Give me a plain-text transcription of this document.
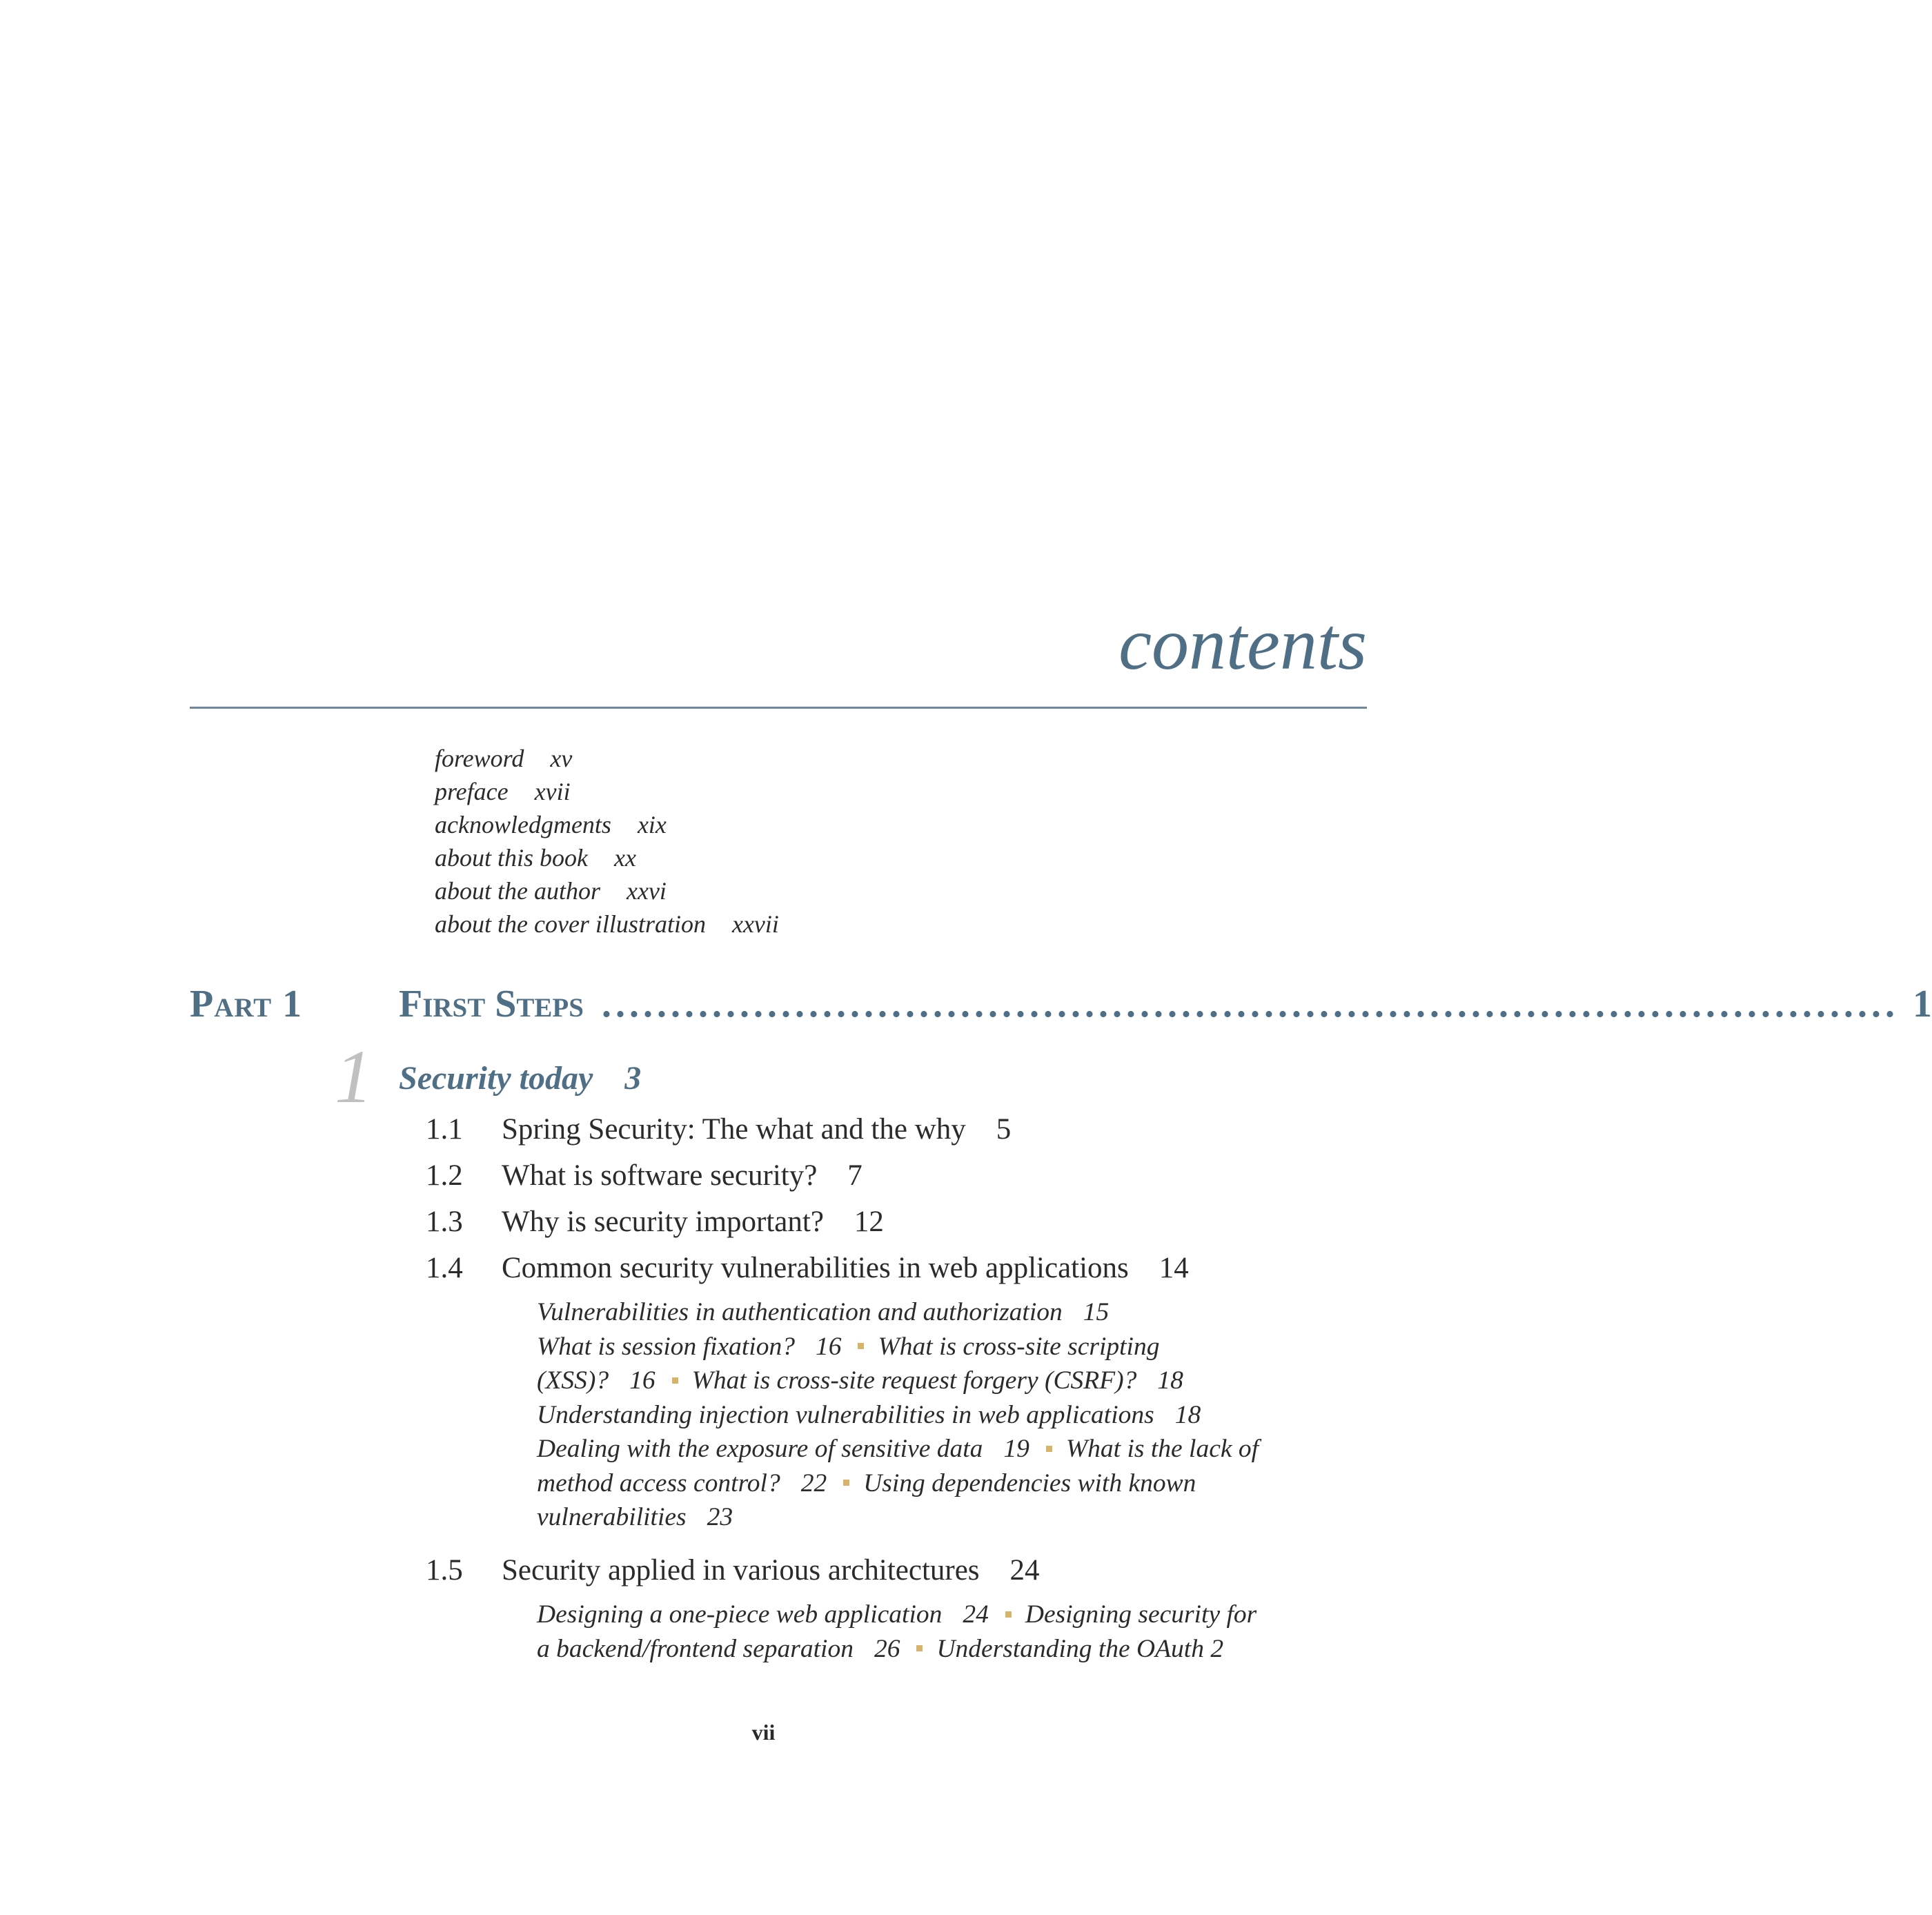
contents
foreword xv
preface xvii
acknowledgments xix
about this book xx
about the author xxvi
about the cover illustration xxvii
Part 1 First Steps .............................................................................................. 1
1 Security today 3
1.1 Spring Security: The what and the why 5
1.2 What is software security? 7
1.3 Why is security important? 12
1.4 Common security vulnerabilities in web applications 14
Vulnerabilities in authentication and authorization 15
What is session fixation? 16 What is cross-site scripting
(XSS)? 16 What is cross-site request forgery (CSRF)? 18
Understanding injection vulnerabilities in web applications 18
Dealing with the exposure of sensitive data 19 What is the lack of
method access control? 22 Using dependencies with known
vulnerabilities 23
1.5 Security applied in various architectures 24
Designing a one-piece web application 24 Designing security for
a backend/frontend separation 26 Understanding the OAuth 2
vii
